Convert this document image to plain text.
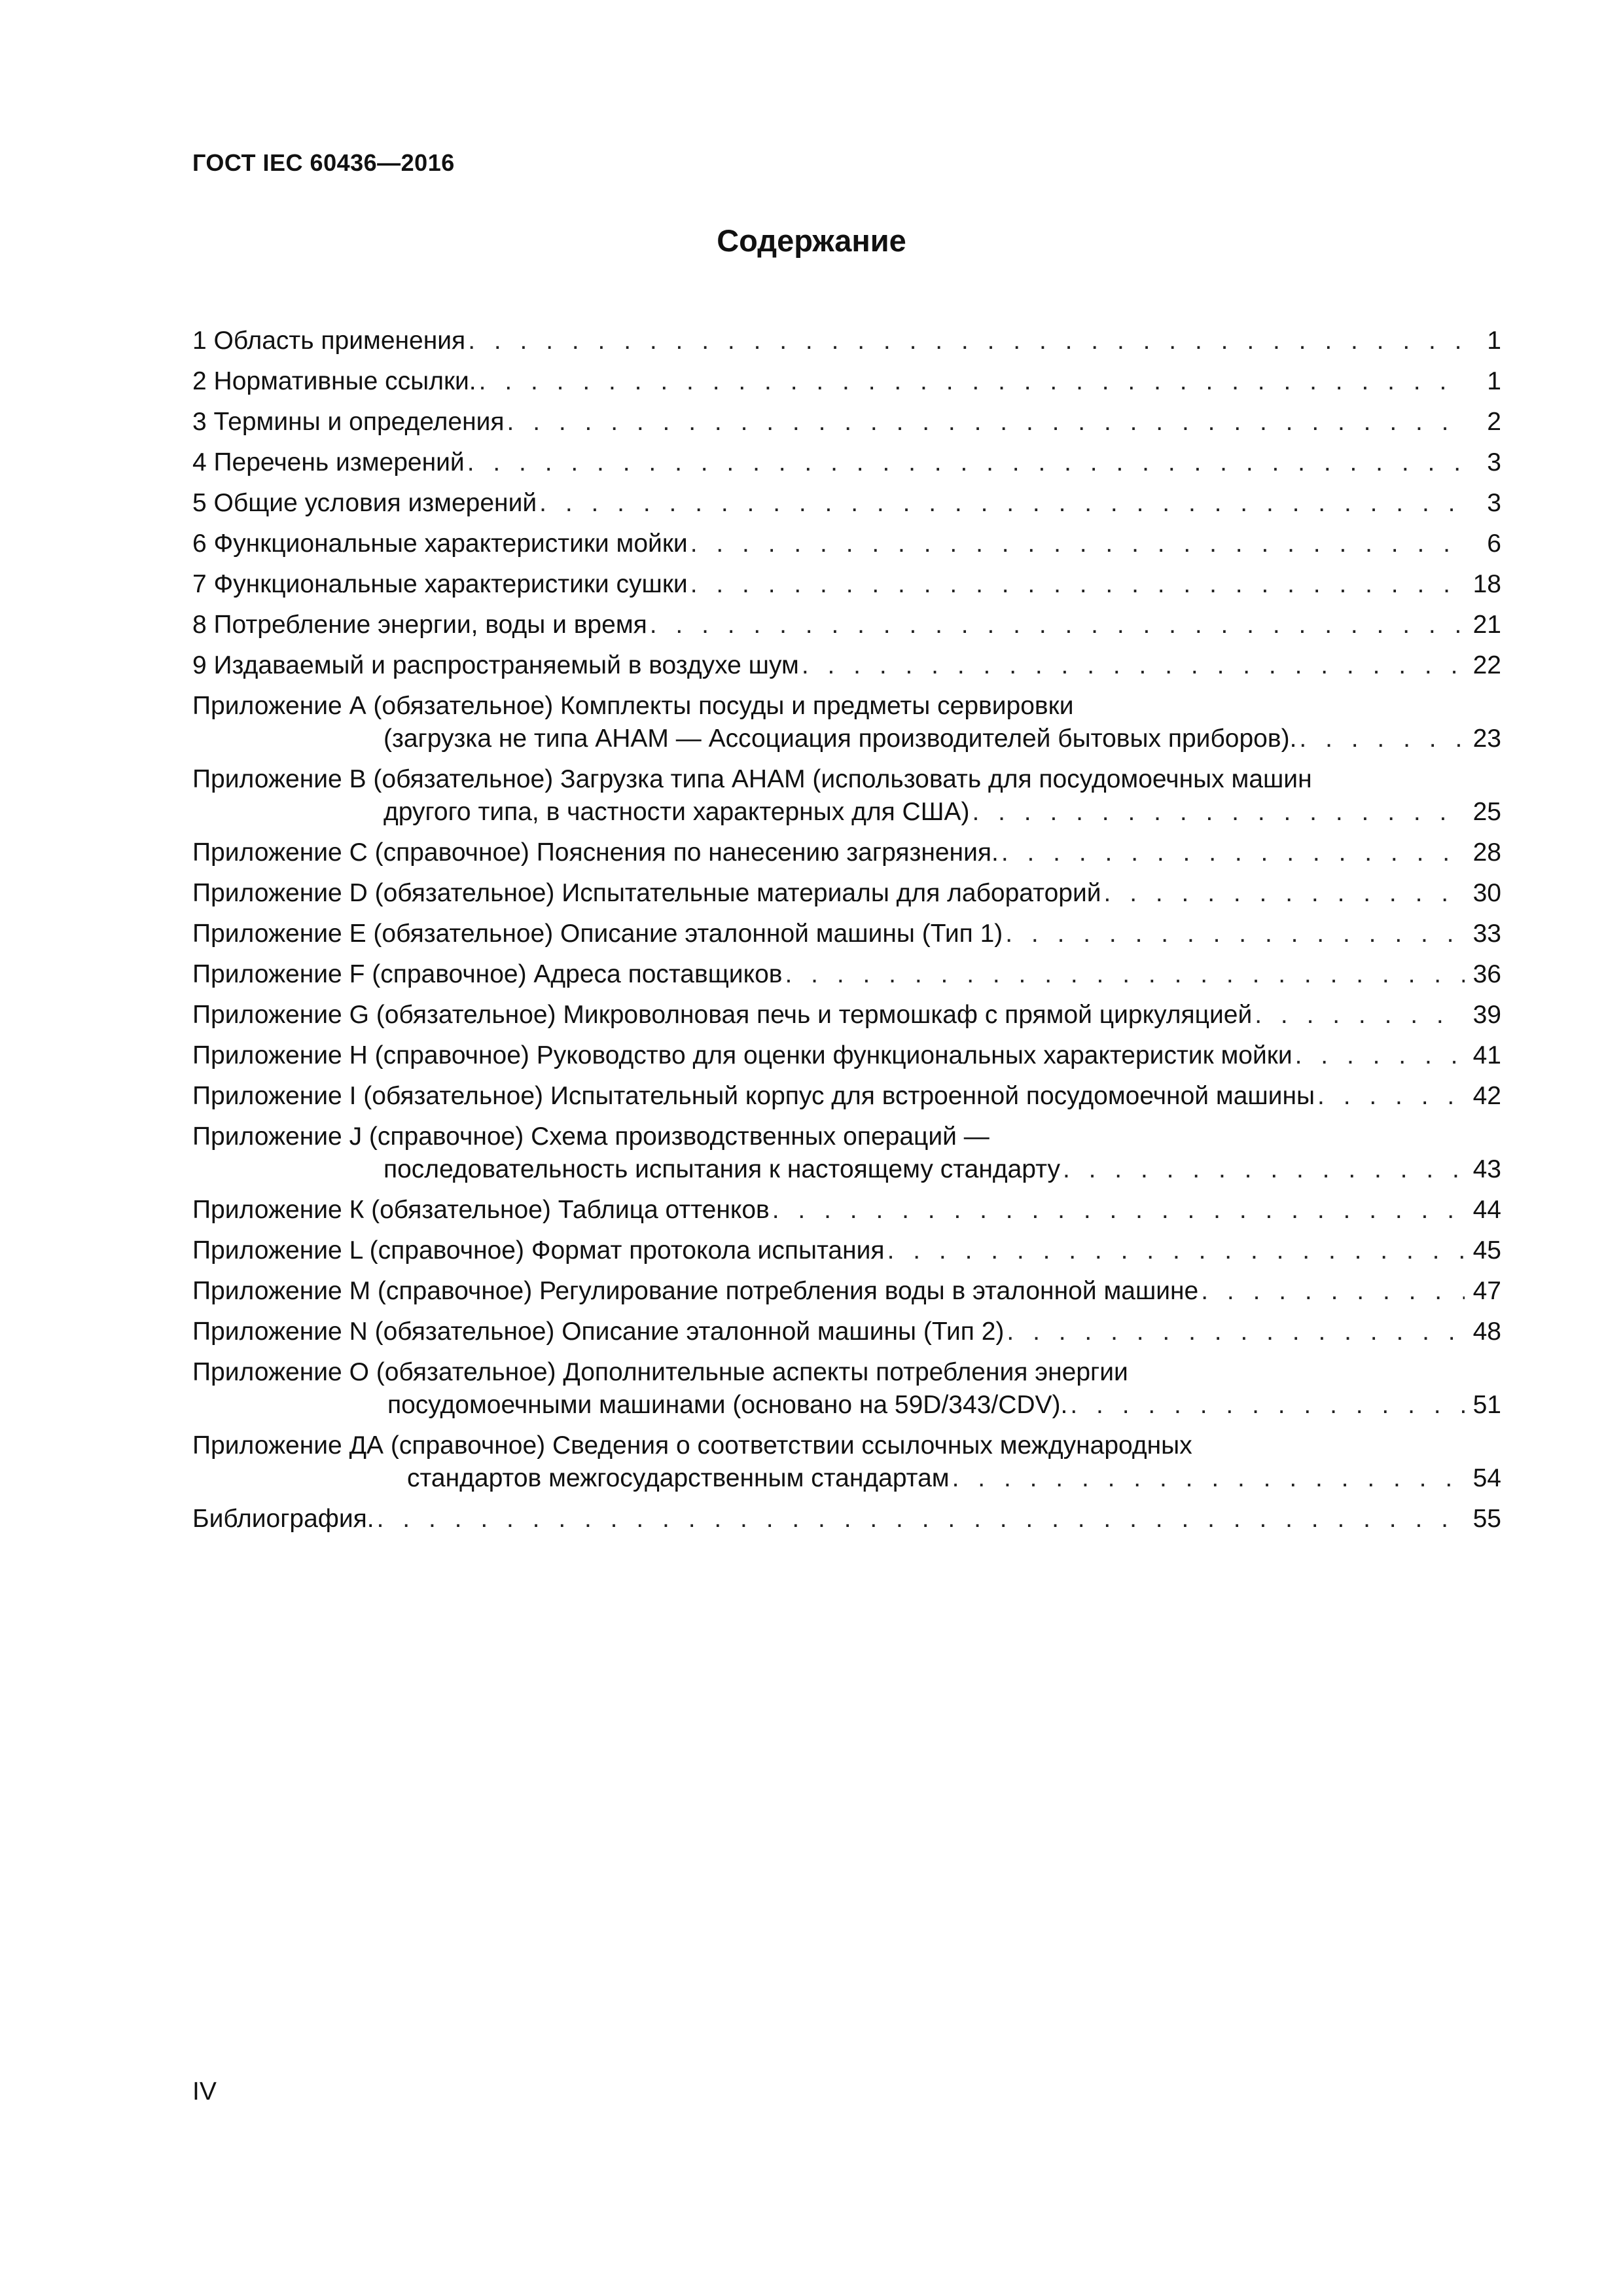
ГОСТ IEC 60436—2016
Содержание
1 Область применения . . .	1
2 Нормативные ссылки. . . .	1
3 Термины и определения . . .	2
4 Перечень измерений . . .	3
5 Общие условия измерений . . .	3
6 Функциональные характеристики мойки . . .	6
7 Функциональные характеристики сушки . . .	18
8 Потребление энергии, воды и время . . .	21
9 Издаваемый и распространяемый в воздухе шум . . .	22
Приложение А (обязательное) Комплекты посуды и предметы сервировки
(загрузка не типа АНАМ — Ассоциация производителей бытовых приборов). . . .	23
Приложение В (обязательное) Загрузка типа АНАМ (использовать для посудомоечных машин
другого типа, в частности характерных для США) . . .	25
Приложение С (справочное) Пояснения по нанесению загрязнения. . . .	28
Приложение D (обязательное) Испытательные материалы для лабораторий . . .	30
Приложение Е (обязательное) Описание эталонной машины (Тип 1) . . .	33
Приложение F (справочное) Адреса поставщиков . . .	36
Приложение G (обязательное) Микроволновая печь и термошкаф с прямой циркуляцией . . .	39
Приложение Н (справочное) Руководство для оценки функциональных характеристик мойки . . .	41
Приложение I (обязательное) Испытательный корпус для встроенной посудомоечной машины . . .	42
Приложение J (справочное) Схема производственных операций —
последовательность испытания к настоящему стандарту . . .	43
Приложение К (обязательное) Таблица оттенков . . .	44
Приложение L (справочное) Формат протокола испытания . . .	45
Приложение М (справочное) Регулирование потребления воды в эталонной машине . . .	47
Приложение N (обязательное) Описание эталонной машины (Тип 2) . . .	48
Приложение О (обязательное) Дополнительные аспекты потребления энергии
посудомоечными машинами (основано на 59D/343/CDV). . . .	51
Приложение ДА (справочное) Сведения о соответствии ссылочных международных
стандартов межгосударственным стандартам . . .	54
Библиография. . . .	55
IV
